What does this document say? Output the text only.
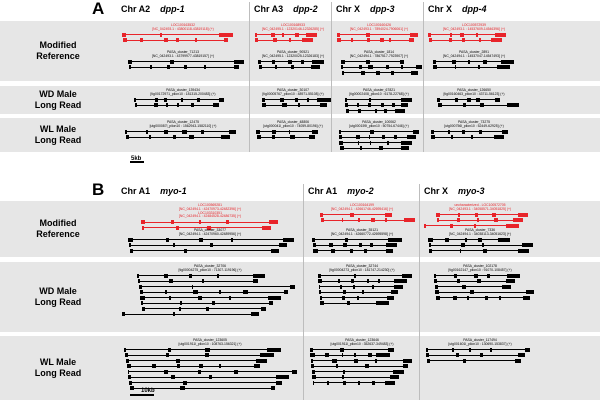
A
Modified
Reference
WD Male
Long Read
WL Male
Long Read
Chr A2 dpp-1
LOC100163532
[NC_042493.1 : 43800118-43819118] (+)
PASA_cluster_71213
[NC_042493.1 : 43799977-43819157] (+)
PASA_cluster_139434
[tig00172971_pilon10 : 181315-200483] (+)
PASA_cluster_12475
[utg000087l_pilon10 : 1562943-1582110] (+)
Chr A3 dpp-2
LOC100168933
[NC_042495.1 : 12320146-12326285] (+)
PASA_cluster_90521
[NC_042495.1 : 12320025-12326183] (+)
PASA_cluster_30107
[tig00005767_pilon10 : 48971-55108] (+)
PASA_cluster_48806
[utg000041l_pilon10 : 74059-80196] (+)
Chr X dpp-3
LOC100160426
[NC_042493.1 : 7894024-7906061] (+)
PASA_cluster_1814
[NC_042494.1 : 7867517-7923907] (+)
PASA_cluster_67821
[tig00002408_pilon10 : 6178-22768] (+)
PASA_cluster_100062
[utg000159l_pilon10 : 50754-67446] (+)
Chr X dpp-4
LOC100572939
[NC_042493.1 : 14537609-14546396] (+)
PASA_cluster_2891
[NC_042494.1 : 14537047-14547493] (+)
PASA_cluster_126650
[tig00160463_pilon10 : 43711-56123] (+)
PASA_cluster_73275
[utg000756l_pilon10 : 52449-62925] (+)
5kb
B
Modified
Reference
WD Male
Long Read
WL Male
Long Read
Chr A1 myo-1
LOC100569281
[NC_042494.1 : 42470973-42482396] (+)
LOC103310351
[NC_042494.1 : 42484528-42486735] (+)
PASA_cluster_33077
[NC_042494.1 : 42470960-42489956] (+)
PASA_cluster_32706
[tig00004275_pilon10 : 71307-119196] (+)
PASA_cluster_123605
[utg001911l_pilon10 : 108763-156321] (+)
Chr A1 myo-2
LOC100164199
[NC_042494.1 : 42661746-42695416] (+)
PASA_cluster_35121
[NC_042494.1 : 42660772-42695598] (+)
PASA_cluster_32744
[tig00004273_pilon10 : 181747-214230] (+)
PASA_cluster_123646
[utg001911l_pilon10 : 352637-349483] (+)
Chr X myo-3
uncharacterized - LOC100572705
[NC_042493.1 : 34058571-34051825] (+)
PASA_cluster_7336
[NC_042494.1 : 34038113-34051623] (+)
PASA_cluster_102178
[tig00162147_pilon10 : 91070-108457] (+)
PASA_cluster_117494
[utg001601l_pilon10 : 130690-153837] (+)
10kb
